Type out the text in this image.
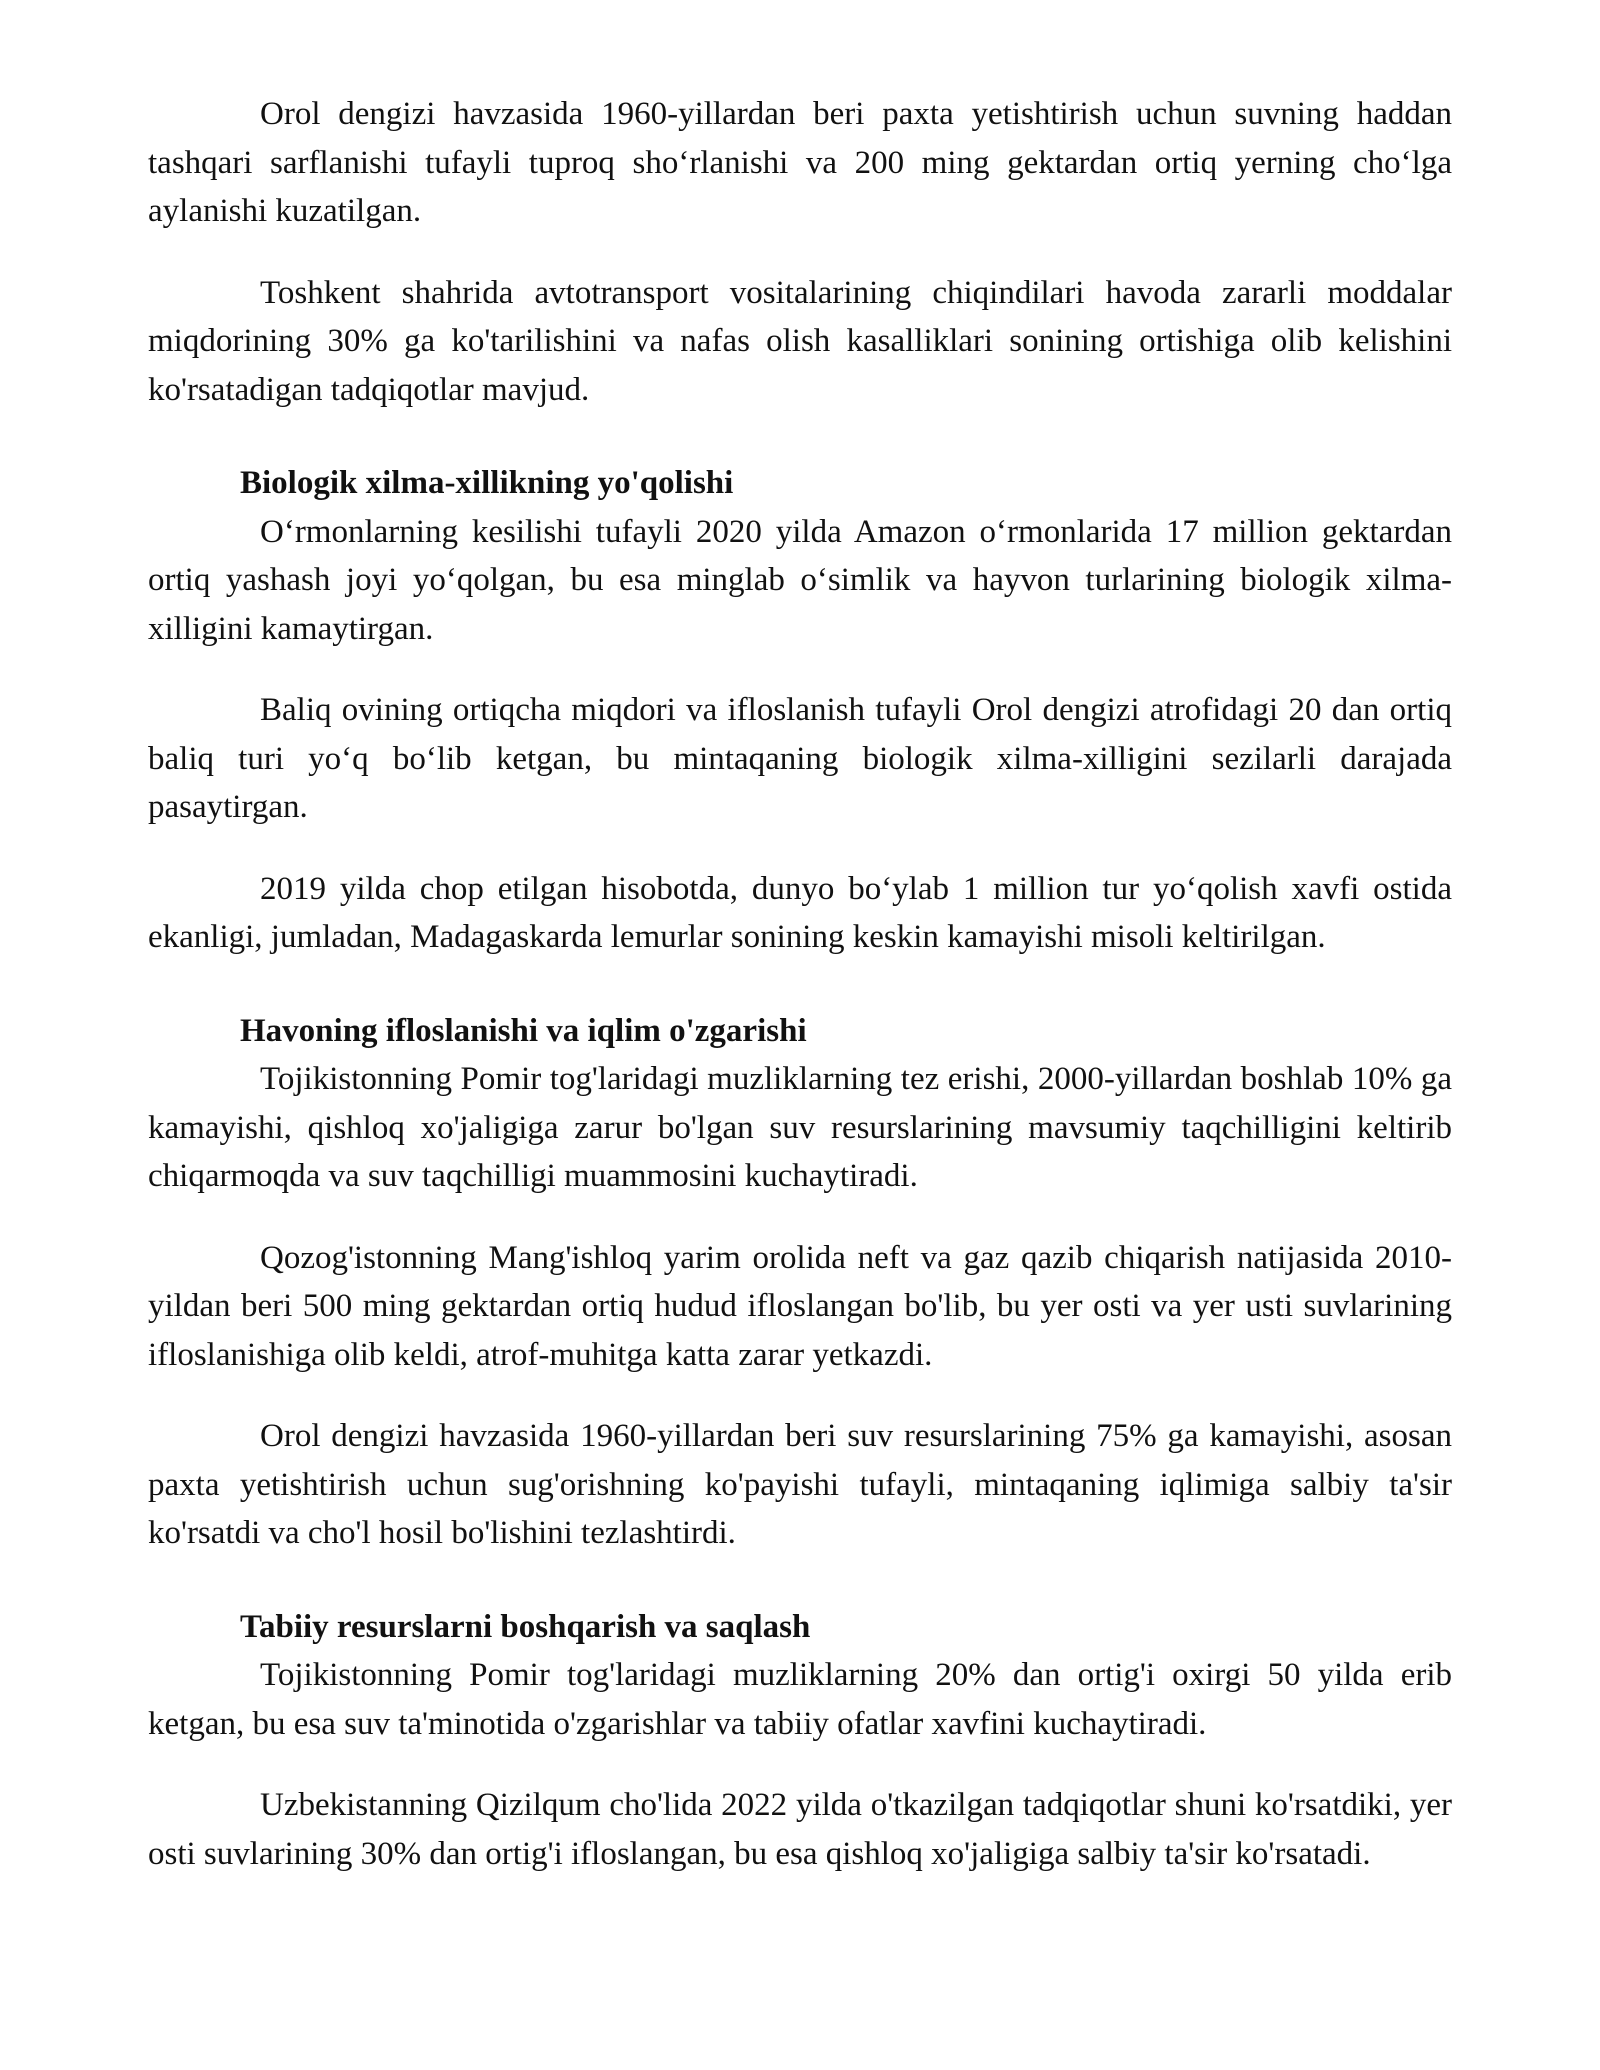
Orol dengizi havzasida 1960-yillardan beri paxta yetishtirish uchun suvning haddan tashqari sarflanishi tufayli tuproq sho‘rlanishi va 200 ming gektardan ortiq yerning cho‘lga aylanishi kuzatilgan.

Toshkent shahrida avtotransport vositalarining chiqindilari havoda zararli moddalar miqdorining 30% ga ko'tarilishini va nafas olish kasalliklari sonining ortishiga olib kelishini ko'rsatadigan tadqiqotlar mavjud.

Biologik xilma-xillikning yo'qolishi

O‘rmonlarning kesilishi tufayli 2020 yilda Amazon o‘rmonlarida 17 million gektardan ortiq yashash joyi yo‘qolgan, bu esa minglab o‘simlik va hayvon turlarining biologik xilma-xilligini kamaytirgan.

Baliq ovining ortiqcha miqdori va ifloslanish tufayli Orol dengizi atrofidagi 20 dan ortiq baliq turi yo‘q bo‘lib ketgan, bu mintaqaning biologik xilma-xilligini sezilarli darajada pasaytirgan.

2019 yilda chop etilgan hisobotda, dunyo bo‘ylab 1 million tur yo‘qolish xavfi ostida ekanligi, jumladan, Madagaskarda lemurlar sonining keskin kamayishi misoli keltirilgan.

Havoning ifloslanishi va iqlim o'zgarishi

Tojikistonning Pomir tog'laridagi muzliklarning tez erishi, 2000-yillardan boshlab 10% ga kamayishi, qishloq xo'jaligiga zarur bo'lgan suv resurslarining mavsumiy taqchilligini keltirib chiqarmoqda va suv taqchilligi muammosini kuchaytiradi.

Qozog'istonning Mang'ishloq yarim orolida neft va gaz qazib chiqarish natijasida 2010-yildan beri 500 ming gektardan ortiq hudud ifloslangan bo'lib, bu yer osti va yer usti suvlarining ifloslanishiga olib keldi, atrof-muhitga katta zarar yetkazdi.

Orol dengizi havzasida 1960-yillardan beri suv resurslarining 75% ga kamayishi, asosan paxta yetishtirish uchun sug'orishning ko'payishi tufayli, mintaqaning iqlimiga salbiy ta'sir ko'rsatdi va cho'l hosil bo'lishini tezlashtirdi.

Tabiiy resurslarni boshqarish va saqlash

Tojikistonning Pomir tog'laridagi muzliklarning 20% dan ortig'i oxirgi 50 yilda erib ketgan, bu esa suv ta'minotida o'zgarishlar va tabiiy ofatlar xavfini kuchaytiradi.

Uzbekistanning Qizilqum cho'lida 2022 yilda o'tkazilgan tadqiqotlar shuni ko'rsatdiki, yer osti suvlarining 30% dan ortig'i ifloslangan, bu esa qishloq xo'jaligiga salbiy ta'sir ko'rsatadi.
